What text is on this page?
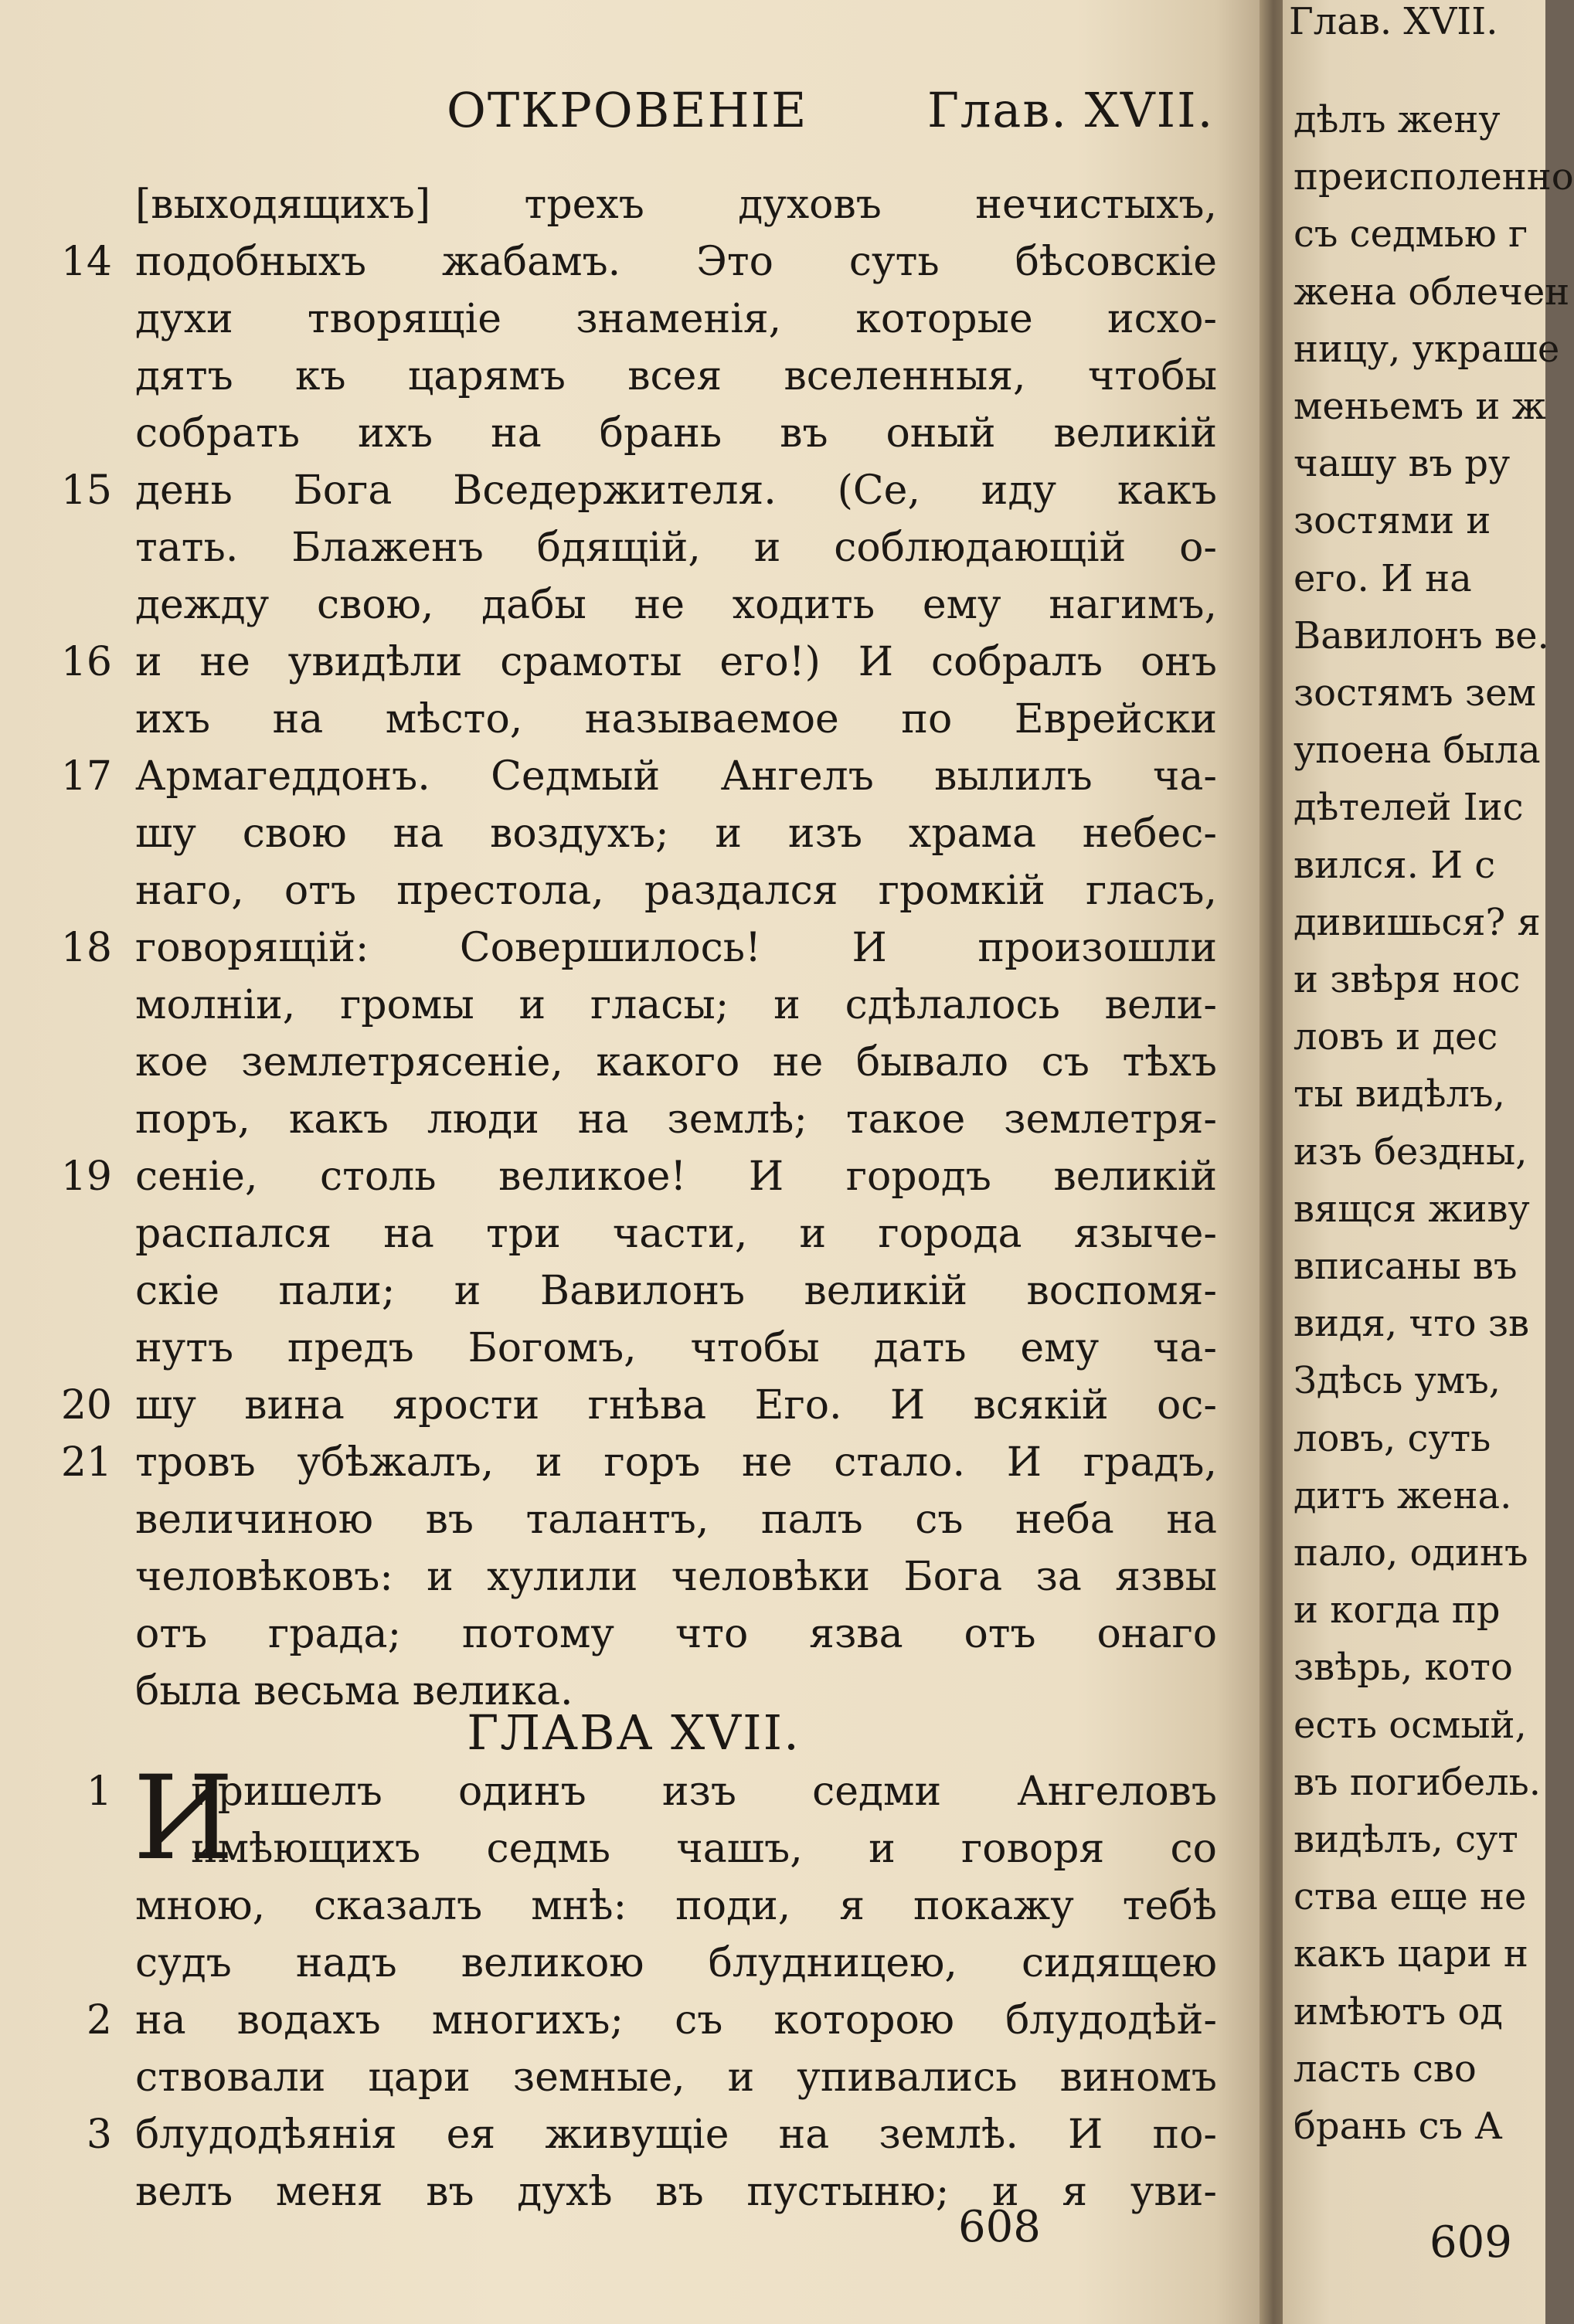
ОТКРОВЕНІЕ Глав. XVII.
[выходящихъ] трехъ духовъ нечистыхъ,
подобныхъ жабамъ. Это суть бѣсовскіе
духи творящіе знаменія, которые исхо-
дятъ къ царямъ всея вселенныя, чтобы
собрать ихъ на брань въ оный великій
день Бога Вседержителя. (Се, иду какъ
тать. Блаженъ бдящій, и соблюдающій о-
дежду свою, дабы не ходить ему нагимъ,
и не увидѣли срамоты его!) И собралъ онъ
ихъ на мѣсто, называемое по Еврейски
Армагеддонъ. Седмый Ангелъ вылилъ ча-
шу свою на воздухъ; и изъ храма небес-
наго, отъ престола, раздался громкій гласъ,
говорящій: Совершилось! И произошли
молніи, громы и гласы; и сдѣлалось вели-
кое землетрясеніе, какого не бывало съ тѣхъ
поръ, какъ люди на землѣ; такое землетря-
сеніе, столь великое! И городъ великій
распался на три части, и города языче-
скіе пали; и Вавилонъ великій воспомя-
нутъ предъ Богомъ, чтобы дать ему ча-
шу вина ярости гнѣва Его. И всякій ос-
тровъ убѣжалъ, и горъ не стало. И градъ,
величиною въ талантъ, палъ съ неба на
человѣковъ: и хулили человѣки Бога за язвы
отъ града; потому что язва отъ онаго
была весьма велика.
14
15
16
17
18
19
20
21
ГЛАВА XVII.
И
пришелъ одинъ изъ седми Ангеловъ
имѣющихъ седмь чашъ, и говоря со
мною, сказалъ мнѣ: поди, я покажу тебѣ
судъ надъ великою блудницею, сидящею
на водахъ многихъ; съ которою блудодѣй-
ствовали цари земные, и упивались виномъ
блудодѣянія ея живущіе на землѣ. И по-
велъ меня въ духѣ въ пустыню; и я уви-
1
2
3
608
Глав. XVII.
дѣлъ жену
преисполенно
съ седмью г
жена облечен
ницу, украше
меньемъ и ж
чашу въ ру
зостями и
его. И на
Вавилонъ ве.
зостямъ зем
упоена была
дѣтелей Іис
вился. И с
дивишься? я
и звѣря нос
ловъ и дес
ты видѣлъ,
изъ бездны,
вящся живу
вписаны въ
видя, что зв
Здѣсь умъ,
ловъ, суть
дитъ жена.
пало, одинъ
и когда пр
звѣрь, кото
есть осмый,
въ погибель.
видѣлъ, сут
ства еще не
какъ цари н
имѣютъ од
ласть сво
брань съ А
609
